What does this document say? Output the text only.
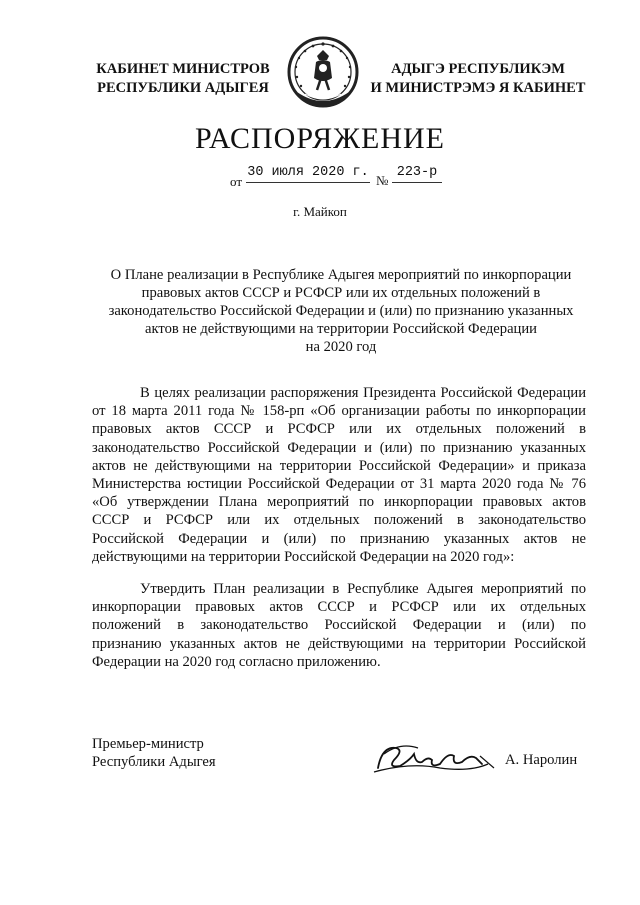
КАБИНЕТ МИНИСТРОВ
РЕСПУБЛИКИ АДЫГЕЯ
АДЫГЭ РЕСПУБЛИКЭМ
И МИНИСТРЭМЭ Я КАБИНЕТ
РАСПОРЯЖЕНИЕ
от
30 июля 2020 г.
№
223-р
г. Майкоп
О Плане реализации в Республике Адыгея мероприятий по инкорпорации
правовых актов СССР и РСФСР или их отдельных положений в
законодательство Российской Федерации и (или) по признанию указанных
актов не действующими на территории Российской Федерации
на 2020 год
В целях реализации распоряжения Президента Российской Федерации
от 18 марта 2011 года № 158-рп «Об организации работы по инкорпорации
правовых актов СССР и РСФСР или их отдельных положений в
законодательство Российской Федерации и (или) по признанию указанных
актов не действующими на территории Российской Федерации» и приказа
Министерства юстиции Российской Федерации от 31 марта 2020 года № 76
«Об утверждении Плана мероприятий по инкорпорации правовых актов
СССР и РСФСР или их отдельных положений в законодательство
Российской Федерации и (или) по признанию указанных актов не
действующими на территории Российской Федерации на 2020 год»:
Утвердить План реализации в Республике Адыгея мероприятий по
инкорпорации правовых актов СССР и РСФСР или их отдельных
положений в законодательство Российской Федерации и (или) по
признанию указанных актов не действующими на территории Российской
Федерации на 2020 год согласно приложению.
Премьер-министр
Республики Адыгея	А. Наролин
